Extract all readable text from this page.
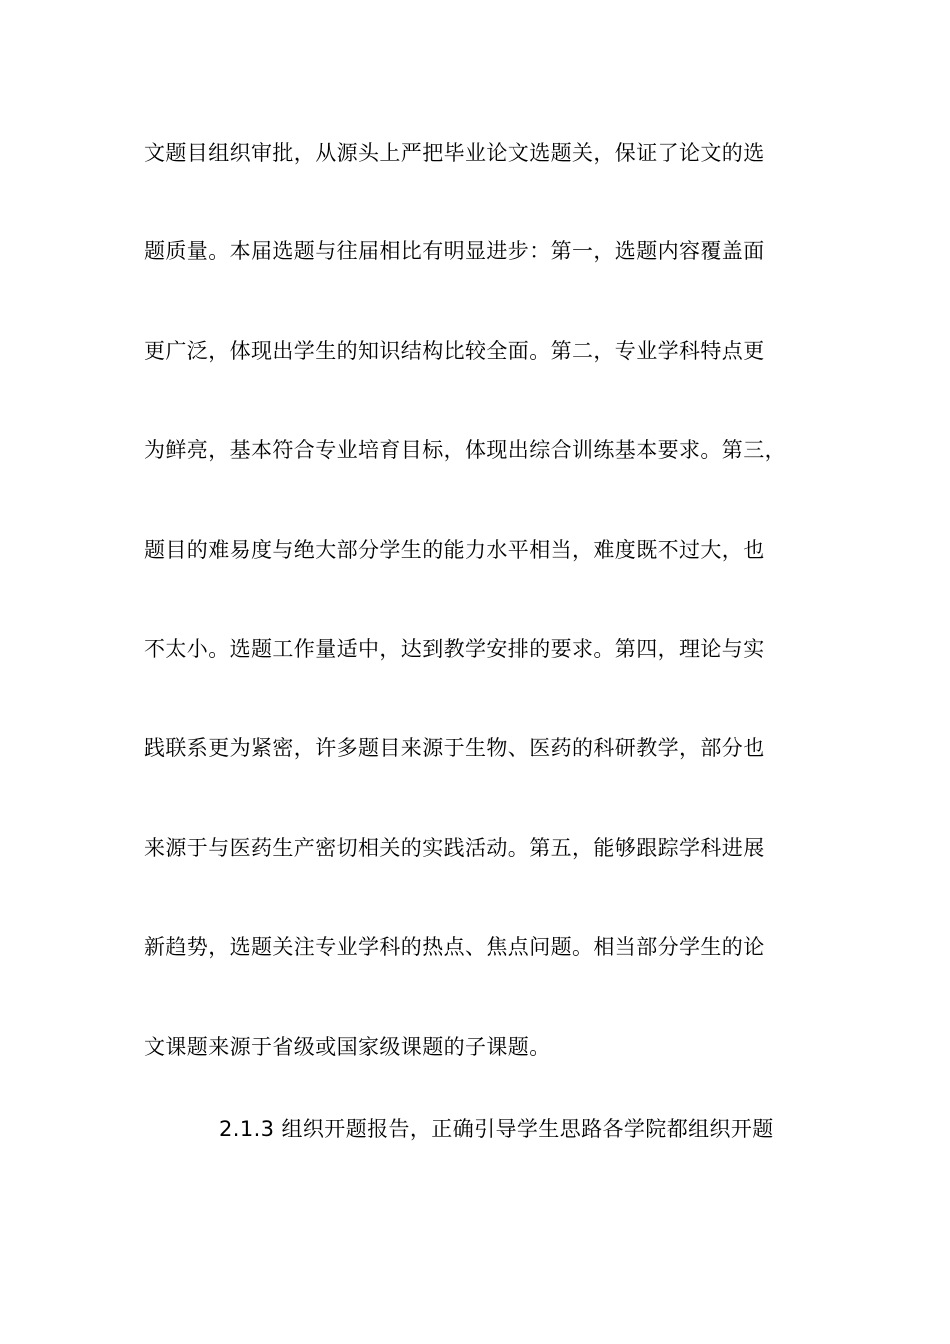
文题目组织审批，从源头上严把毕业论文选题关，保证了论文的选
题质量。本届选题与往届相比有明显进步：第一，选题内容覆盖面
更广泛，体现出学生的知识结构比较全面。第二，专业学科特点更
为鲜亮，基本符合专业培育目标，体现出综合训练基本要求。第三，
题目的难易度与绝大部分学生的能力水平相当，难度既不过大，也
不太小。选题工作量适中，达到教学安排的要求。第四，理论与实
践联系更为紧密，许多题目来源于生物、医药的科研教学，部分也
来源于与医药生产密切相关的实践活动。第五，能够跟踪学科进展
新趋势，选题关注专业学科的热点、焦点问题。相当部分学生的论
文课题来源于省级或国家级课题的子课题。
2.1.3 组织开题报告，正确引导学生思路各学院都组织开题
